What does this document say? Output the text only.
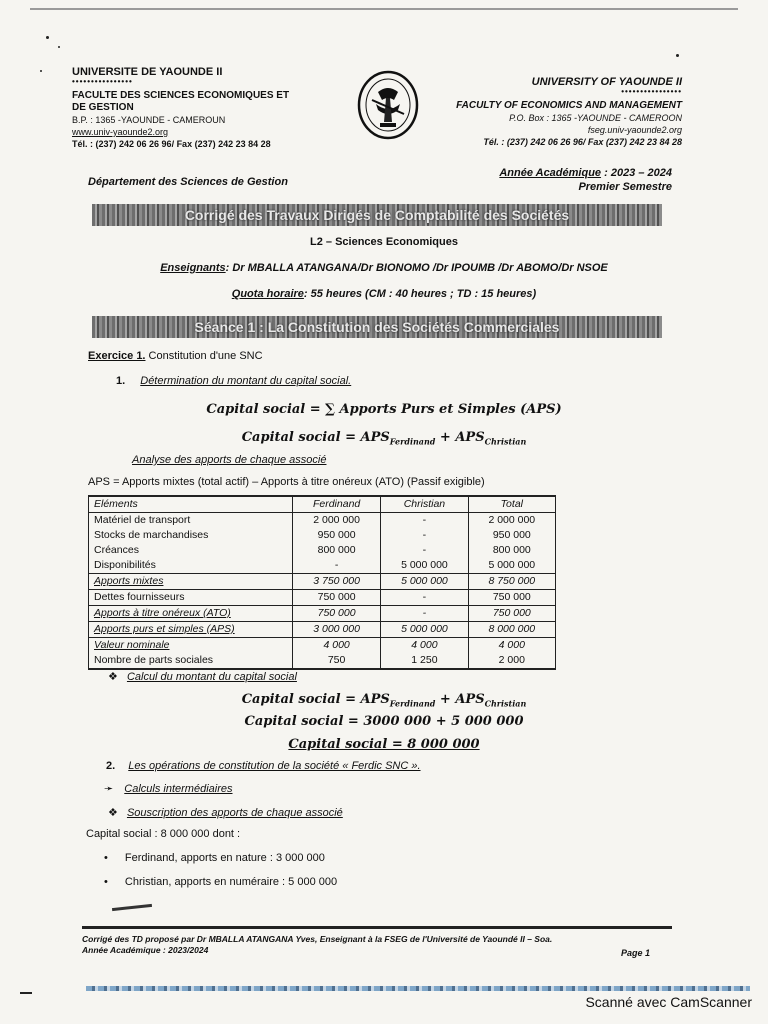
UNIVERSITE DE YAOUNDE II
••••••••••••••••
FACULTE DES SCIENCES ECONOMIQUES ET
DE GESTION
B.P. : 1365 -YAOUNDE - CAMEROUN
www.univ-yaounde2.org
Tél. : (237) 242 06 26 96/ Fax (237) 242 23 84 28
Département des Sciences de Gestion
UNIVERSITY OF YAOUNDE II
••••••••••••••••
FACULTY OF ECONOMICS AND MANAGEMENT
P.O. Box : 1365 -YAOUNDE - CAMEROON
fseg.univ-yaounde2.org
Tél. : (237) 242 06 26 96/ Fax (237) 242 23 84 28
Année Académique : 2023 – 2024
Premier Semestre
Corrigé des Travaux Dirigés de Comptabilité des Sociétés
L2 – Sciences Economiques
Enseignants: Dr MBALLA ATANGANA/Dr BIONOMO /Dr IPOUMB /Dr ABOMO/Dr NSOE
Quota horaire: 55 heures (CM : 40 heures ; TD : 15 heures)
Séance 1 : La Constitution des Sociétés Commerciales
Exercice 1. Constitution d'une SNC
1. Détermination du montant du capital social.
Capital social = ∑ Apports Purs et Simples (APS)
Capital social = $APS_{Ferdinand} + APS_{Christian}$
Analyse des apports de chaque associé
APS = Apports mixtes (total actif) – Apports à titre onéreux (ATO) (Passif exigible)
Eléments	Ferdinand	Christian	Total
Matériel de transport	2 000 000	-	2 000 000
Stocks de marchandises	950 000	-	950 000
Créances	800 000	-	800 000
Disponibilités	-	5 000 000	5 000 000
Apports mixtes	3 750 000	5 000 000	8 750 000
Dettes fournisseurs	750 000	-	750 000
Apports à titre onéreux (ATO)	750 000	-	750 000
Apports purs et simples (APS)	3 000 000	5 000 000	8 000 000
Valeur nominale	4 000	4 000	4 000
Nombre de parts sociales	750	1 250	2 000
❖ Calcul du montant du capital social
Capital social = $APS_{Ferdinand} + APS_{Christian}$
Capital social = 3000 000 + 5 000 000
Capital social = 8 000 000
2. Les opérations de constitution de la société « Ferdic SNC ».
➛ Calculs intermédiaires
❖ Souscription des apports de chaque associé
Capital social : 8 000 000 dont :
• Ferdinand, apports en nature : 3 000 000
• Christian, apports en numéraire : 5 000 000
Corrigé des TD proposé par Dr MBALLA ATANGANA Yves, Enseignant à la FSEG de l'Université de Yaoundé II – Soa.
Année Académique : 2023/2024	Page 1
Scanné avec CamScanner
